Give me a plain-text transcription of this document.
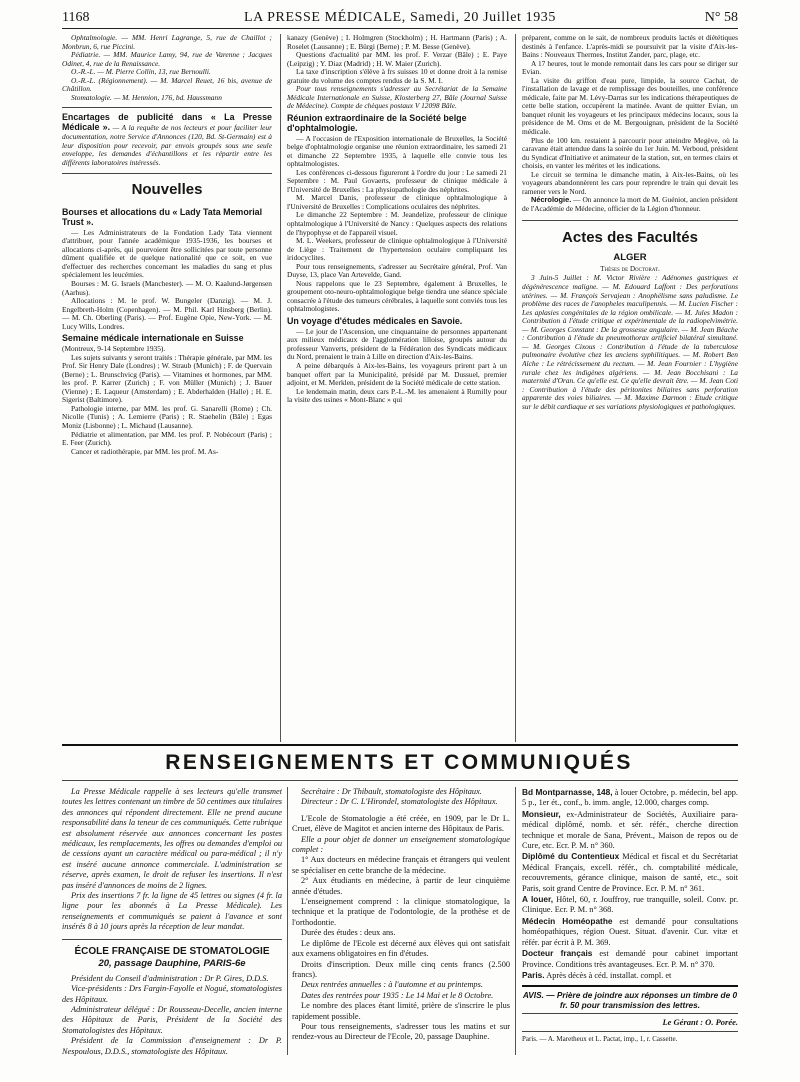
1168	LA PRESSE MÉDICALE, Samedi, 20 Juillet 1935	N° 58

Ophtalmologie. — MM. Henri Lagrange, 5, rue de Chaillot ; Monbrun, 6, rue Piccini.

Pédiatrie. — MM. Maurice Lamy, 94, rue de Varenne ; Jacques Odinet, 4, rue de la Renaissance.

O.-R.-L. — M. Pierre Collin, 13, rue Bernoulli.

O.-R.-L. (Régionnement). — M. Marcel Reuet, 16 bis, avenue de Châtillon.

Stomatologie. — M. Hennion, 176, bd. Haussmann

Encartages de publicité dans « La Presse Médicale ». — A la requête de nos lecteurs et pour faciliter leur documentation, notre Service d'Annonces (120, Bd. St-Germain) est à leur disposition pour recevoir, par envois groupés sous une seule enveloppe, les demandes d'échantillons et les répartir entre les différents laboratoires intéressés.

Nouvelles
Bourses et allocations du « Lady Tata Memorial Trust ».

— Les Administrateurs de la Fondation Lady Tata viennent d'attribuer, pour l'année académique 1935-1936, les bourses et allocations ci-après, qui pourvoient être sollicitées par toute personne dûment qualifiée et de quelque nationalité que ce soit, en vue d'effectuer des recherches concernant les maladies du sang et plus spécialement les leucémies.

Bourses : M. G. Israels (Manchester). — M. O. Kaalund-Jørgensen (Aarhus).

Allocations : M. le prof. W. Bungeler (Danzig). — M. J. Engelbreth-Holm (Copenhagen). — M. Phil. Karl Hinsberg (Berlin). — M. Ch. Oberling (Paris). — Prof. Eugène Opie, New-York. — M. Lucy Wills, Londres.

Semaine médicale internationale en Suisse

(Montreux, 9-14 Septembre 1935).

Les sujets suivants y seront traités : Thérapie générale, par MM. les Prof. Sir Henry Dale (Londres) ; W. Straub (Munich) ; F. de Quervain (Berne) ; L. Brunschvicg (Paris). — Vitamines et hormones, par MM. les prof. P. Karrer (Zurich) ; F. von Müller (Munich) ; J. Bauer (Vienne) ; E. Laqueur (Amsterdam) ; E. Abderhalden (Halle) ; H. E. Sigerist (Baltimore).

Pathologie interne, par MM. les prof. G. Sanarelli (Rome) ; Ch. Nicolle (Tunis) ; A. Lemierre (Paris) ; R. Staehelin (Bâle) ; Egas Moniz (Lisbonne) ; L. Michaud (Lausanne).

Pédiatrie et alimentation, par MM. les prof. P. Nobécourt (Paris) ; E. Feer (Zurich).

Cancer et radiothérapie, par MM. les prof. M. As-

kanazy (Genève) ; I. Holmgren (Stockholm) ; H. Hartmann (Paris) ; A. Roselet (Lausanne) ; E. Bürgi (Berne) ; P. M. Besse (Genève).

Questions d'actualité par MM. les prof. F. Verzar (Bâle) ; E. Paye (Leipzig) ; Y. Diaz (Madrid) ; H. W. Maier (Zurich).

La taxe d'inscription s'élève à frs suisses 10 et donne droit à la remise gratuite du volume des comptes rendus de la S. M. I.

Pour tous renseignements s'adresser au Secrétariat de la Semaine Médicale Internationale en Suisse, Klosterberg 27, Bâle (Journal Suisse de Médecine). Compte de chèques postaux V 12098 Bâle.

Réunion extraordinaire de la Société belge d'ophtalmologie.

— A l'occasion de l'Exposition internationale de Bruxelles, la Société belge d'ophtalmologie organise une réunion extraordinaire, les samedi 21 et dimanche 22 Septembre 1935, à laquelle elle convie tous les ophtalmologistes.

Les conférences ci-dessous figureront à l'ordre du jour : Le samedi 21 Septembre : M. Paul Govaerts, professeur de clinique médicale à l'Université de Bruxelles : La physiopathologie des néphrites.

M. Marcel Danis, professeur de clinique ophtalmologique à l'Université de Bruxelles : Complications oculaires des néphrites.

Le dimanche 22 Septembre : M. Jeandelize, professeur de clinique ophtalmologique à l'Université de Nancy : Quelques aspects des relations de l'hypophyse et de l'appareil visuel.

M. L. Weekers, professeur de clinique ophtalmologique à l'Université de Liège : Traitement de l'hypertension oculaire compliquant les iridocyclites.

Pour tous renseignements, s'adresser au Secrétaire général, Prof. Van Duyse, 13, place Van Artevelde, Gand.

Nous rappelons que le 23 Septembre, également à Bruxelles, le groupement oto-neuro-ophtalmologique belge tiendra une séance spéciale consacrée à l'étude des tumeurs cérébrales, à laquelle sont conviés tous les ophtalmologistes.

Un voyage d'études médicales en Savoie.

— Le jour de l'Ascension, une cinquantaine de personnes appartenant aux milieux médicaux de l'agglomération lilloise, groupés autour du professeur Vanverts, président de la Fédération des Syndicats médicaux du Nord, prenaient le train à Lille en direction d'Aix-les-Bains.

A peine débarqués à Aix-les-Bains, les voyageurs prirent part à un banquet offert par la Municipalité, présidé par M. Dussuel, premier adjoint, et M. Merklen, président de la Société médicale de cette station.

Le lendemain matin, deux cars P.-L.-M. les amenaient à Rumilly pour la visite des usines « Mont-Blanc » qui

préparent, comme on le sait, de nombreux produits lactés et diététiques destinés à l'enfance. L'après-midi se poursuivit par la visite d'Aix-les-Bains : Nouveaux Thermes, Institut Zander, parc, plage, etc.

A 17 heures, tout le monde remontait dans les cars pour se diriger sur Evian.

La visite du griffon d'eau pure, limpide, la source Cachat, de l'installation de lavage et de remplissage des bouteilles, une conférence médicale, faite par M. Lévy-Darras sur les indications thérapeutiques de cette belle station, occupèrent la matinée. Avant de quitter Evian, un banquet réunit les voyageurs et les principaux médecins locaux, sous la présidence de M. Oms et de M. Bergouignan, président de la Société médicale.

Plus de 100 km. restaient à parcourir pour atteindre Megève, où la caravane était attendue dans la soirée du 1er Juin. M. Verboud, président du Syndicat d'Initiative et animateur de la station, sut, en termes clairs et choisis, en vanter les mérites et les indications.

Le circuit se termina le dimanche matin, à Aix-les-Bains, où les voyageurs abandonnèrent les cars pour reprendre le train qui devait les ramener vers le Nord.

Nécrologie. — On annonce la mort de M. Guéniot, ancien président de l'Académie de Médecine, officier de la Légion d'honneur.

Actes des Facultés
ALGER
Thèses de Doctorat.

3 Juin-5 Juillet : M. Victor Rivière : Adénomes gastriques et dégénérescence maligne. — M. Edouard Laffont : Des perforations utérines. — M. François Servajean : Anophélisme sans paludisme. Le problème des races de l'anopheles maculipennis. — M. Lucien Fischer : Les aplasies congénitales de la région ombilicale. — M. Jules Madon : Contribution à l'étude critique et expérimentale de la radiopelvimétrie. — M. Georges Constant : De la grossesse angulaire. — M. Jean Béache : Contribution à l'étude du pneumothorax artificiel bilatéral simultané. — M. Georges Cixous : Contribution à l'étude de la tuberculose pulmonaire évolutive chez les anciens syphilitiques. — M. Robert Ben Aïche : Le rétrécissement du rectum. — M. Jean Fournier : L'hygiène rurale chez les indigènes algériens. — M. Jean Bocchisani : La maternité d'Oran. Ce qu'elle est. Ce qu'elle devrait être. — M. Jean Coti : Contribution à l'étude des péritonites biliaires sans perforation apparente des voies biliaires. — M. Maxime Darmon : Etude critique sur le débit cardiaque et ses variations physiologiques et pathologiques.

RENSEIGNEMENTS ET COMMUNIQUÉS

La Presse Médicale rappelle à ses lecteurs qu'elle transmet toutes les lettres contenant un timbre de 50 centimes aux titulaires des annonces qui répondent directement. Elle ne prend aucune responsabilité dans la teneur de ces communiqués. Cette rubrique est absolument réservée aux annonces concernant les postes médicaux, les remplacements, les offres ou demandes d'emploi ou de cessions ayant un caractère médical ou para-médical ; il n'y est inséré aucune annonce commerciale. L'administration se réserve, après examen, le droit de refuser les insertions. Il n'est pas inséré d'annonces de moins de 2 lignes.

Prix des insertions 7 fr. la ligne de 45 lettres ou signes (4 fr. la ligne pour les abonnés à La Presse Médicale). Les renseignements et communiqués se paient à l'avance et sont insérés 8 à 10 jours après la réception de leur mandat.

ÉCOLE FRANÇAISE DE STOMATOLOGIE
20, passage Dauphine, PARIS-6e

Président du Conseil d'administration : Dr P. Gires, D.D.S.

Vice-présidents : Drs Fargin-Fayolle et Nogué, stomatologistes des Hôpitaux.

Administrateur délégué : Dr Rousseau-Decelle, ancien interne des Hôpitaux de Paris, Président de la Société des Stomatologistes des Hôpitaux.

Président de la Commission d'enseignement : Dr P. Nespoulous, D.D.S., stomatologiste des Hôpitaux.

Secrétaire : Dr Thibault, stomatologiste des Hôpitaux.

Directeur : Dr C. L'Hirondel, stomatologiste des Hôpitaux.

L'Ecole de Stomatologie a été créée, en 1909, par le Dr L. Cruet, élève de Magitot et ancien interne des Hôpitaux de Paris.

Elle a pour objet de donner un enseignement stomatologique complet :

1° Aux docteurs en médecine français et étrangers qui veulent se spécialiser en cette branche de la médecine.

2° Aux étudiants en médecine, à partir de leur cinquième année d'études.

L'enseignement comprend : la clinique stomatologique, la technique et la pratique de l'odontologie, de la prothèse et de l'orthodontie.

Durée des études : deux ans.

Le diplôme de l'Ecole est décerné aux élèves qui ont satisfait aux examens obligatoires en fin d'études.

Droits d'inscription. Deux mille cinq cents francs (2.500 francs).

Deux rentrées annuelles : à l'automne et au printemps.

Dates des rentrées pour 1935 : Le 14 Mai et le 8 Octobre.

Le nombre des places étant limité, prière de s'inscrire le plus rapidement possible.

Pour tous renseignements, s'adresser tous les matins et sur rendez-vous au Directeur de l'Ecole, 20, passage Dauphine.

Bd Montparnasse, 148, à louer Octobre, p. médecin, bel app. 5 p., 1er ét., conf., b. imm. angle, 12.000, charges comp.

Monsieur, ex-Administrateur de Sociétés, Auxiliaire para-médical diplômé, nomb. et sér. référ., cherche direction technique et morale de Sana, Prévent., Maison de repos ou de Cure, etc. Ecr. P. M. n° 360.

Diplômé du Contentieux Médical et fiscal et du Secrétariat Médical Français, excell. référ., ch. comptabilité médicale, recouvrements, gérance clinique, maison de santé, etc., soit Paris, soit grand Centre de Province. Ecr. P. M. n° 361.

A louer, Hôtel, 60, r. Jouffroy, rue tranquille, soleil. Conv. pr. Clinique. Ecr. P. M. n° 368.

Médecin Homéopathe est demandé pour consultations homéopathiques, région Ouest. Situat. d'avenir. Cur. vitæ et référ. par écrit à P. M. 369.

Docteur français est demandé pour cabinet important Province. Conditions très avantageuses. Ecr. P. M. n° 370.

Paris. Après décès à céd. installat. compl. et

AVIS. — Prière de joindre aux réponses un timbre de 0 fr. 50 pour transmission des lettres.
Le Gérant : O. Porée.
Paris. — A. Maretheux et L. Pactat, imp., 1, r. Cassette.
